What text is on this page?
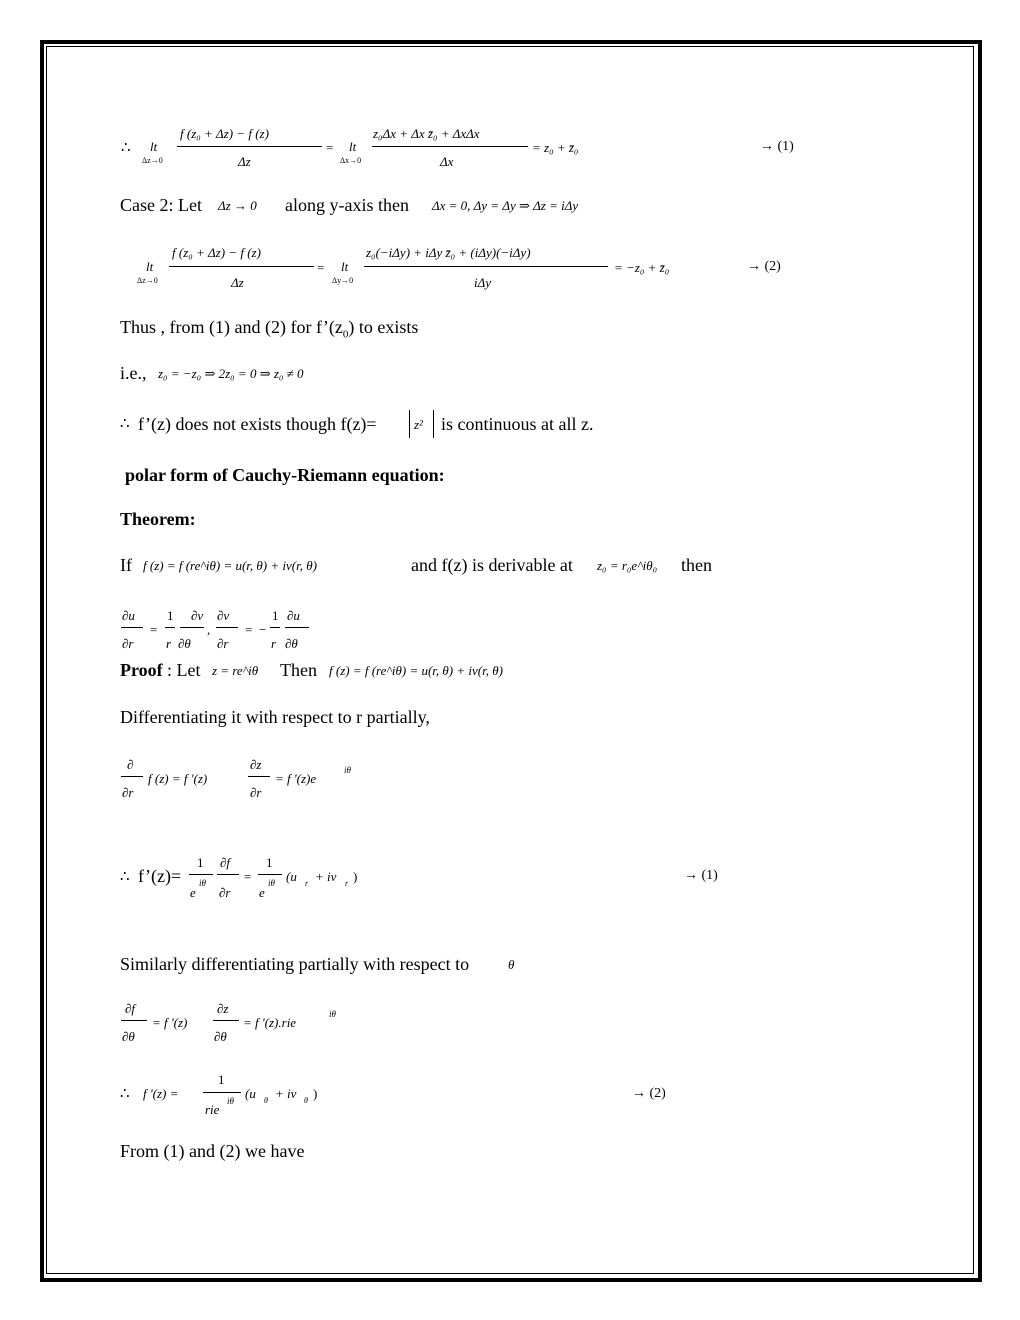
∴ lt
Δz→0
f (z₀ + Δz) − f (z)
Δz
= lt
Δx→0
z₀Δx + Δx z̄₀ + ΔxΔx
Δx
= z₀ + z̄₀	→ (1)
Case 2: Let Δz → 0 along y-axis then Δx = 0, Δy = Δy ⇒ Δz = iΔy
lt
Δz→0
f (z₀ + Δz) − f (z)
Δz
= lt
Δy→0
z₀(−iΔy) + iΔy z̄₀ + (iΔy)(−iΔy)
iΔy
= −z₀ + z̄₀	→ (2)
Thus , from (1) and (2) for $f’(z_0)$ to exists
i.e., z₀ = −z₀ ⇒ 2z₀ = 0 ⇒ z₀ ≠ 0
∴ f’(z) does not exists though f(z)=	z² is continuous at all z.
polar form of Cauchy-Riemann equation:
Theorem:
If f (z) = f (re^iθ) = u(r, θ) + iv(r, θ)	and f(z) is derivable at z₀ = r₀e^iθ₀ then
∂u
∂r
=
1
r
∂v
∂θ
,
∂v
∂r
= −
1
r
∂u
∂θ
Proof : Let z = re^iθ Then f (z) = f (re^iθ) = u(r, θ) + iv(r, θ)
Differentiating it with respect to r partially,
∂
∂r
f (z) = f '(z)
∂z
∂r
= f '(z)e
iθ
∴ f’(z)=
1
e
iθ
∂f
∂r
=
1
e
iθ (u r + iv r )	→ (1)
Similarly differentiating partially with respect to	θ
∂f
∂θ
= f '(z)
∂z
∂θ
= f '(z).rie
iθ
∴ f '(z) =
1
rie
iθ (u θ + iv θ )	→ (2)
From (1) and (2) we have
